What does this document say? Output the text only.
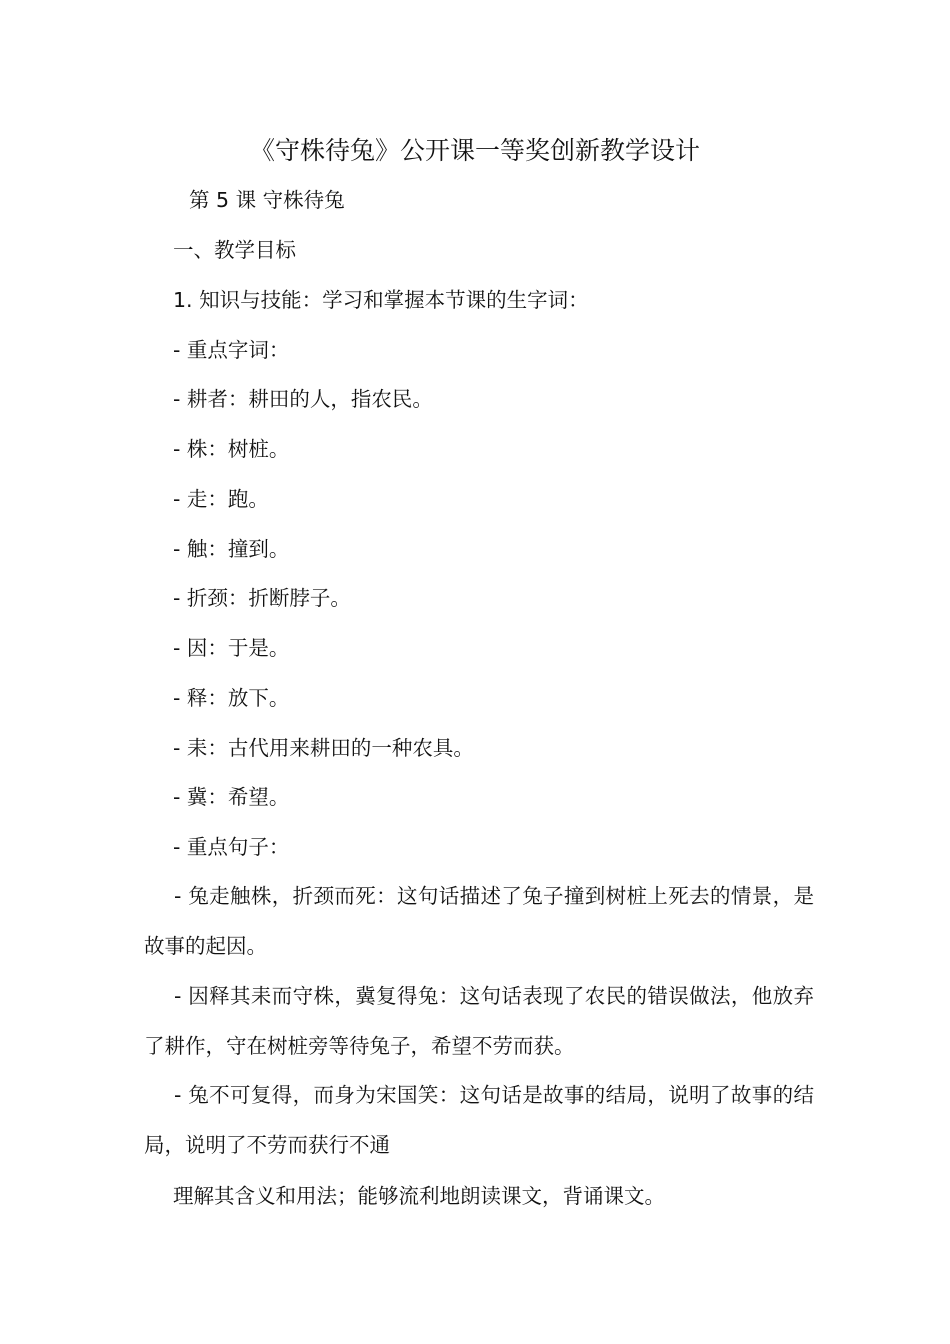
《守株待兔》公开课一等奖创新教学设计
第 5 课 守株待兔
一、教学目标
1. 知识与技能：学习和掌握本节课的生字词：
- 重点字词：
- 耕者：耕田的人，指农民。
- 株：树桩。
- 走：跑。
- 触：撞到。
- 折颈：折断脖子。
- 因：于是。
- 释：放下。
- 耒：古代用来耕田的一种农具。
- 冀：希望。
- 重点句子：
- 兔走触株，折颈而死：这句话描述了兔子撞到树桩上死去的情景，是故事的起因。
- 因释其耒而守株，冀复得兔：这句话表现了农民的错误做法，他放弃了耕作，守在树桩旁等待兔子，希望不劳而获。
- 兔不可复得，而身为宋国笑：这句话是故事的结局，说明了故事的结局，说明了不劳而获行不通
理解其含义和用法；能够流利地朗读课文，背诵课文。
